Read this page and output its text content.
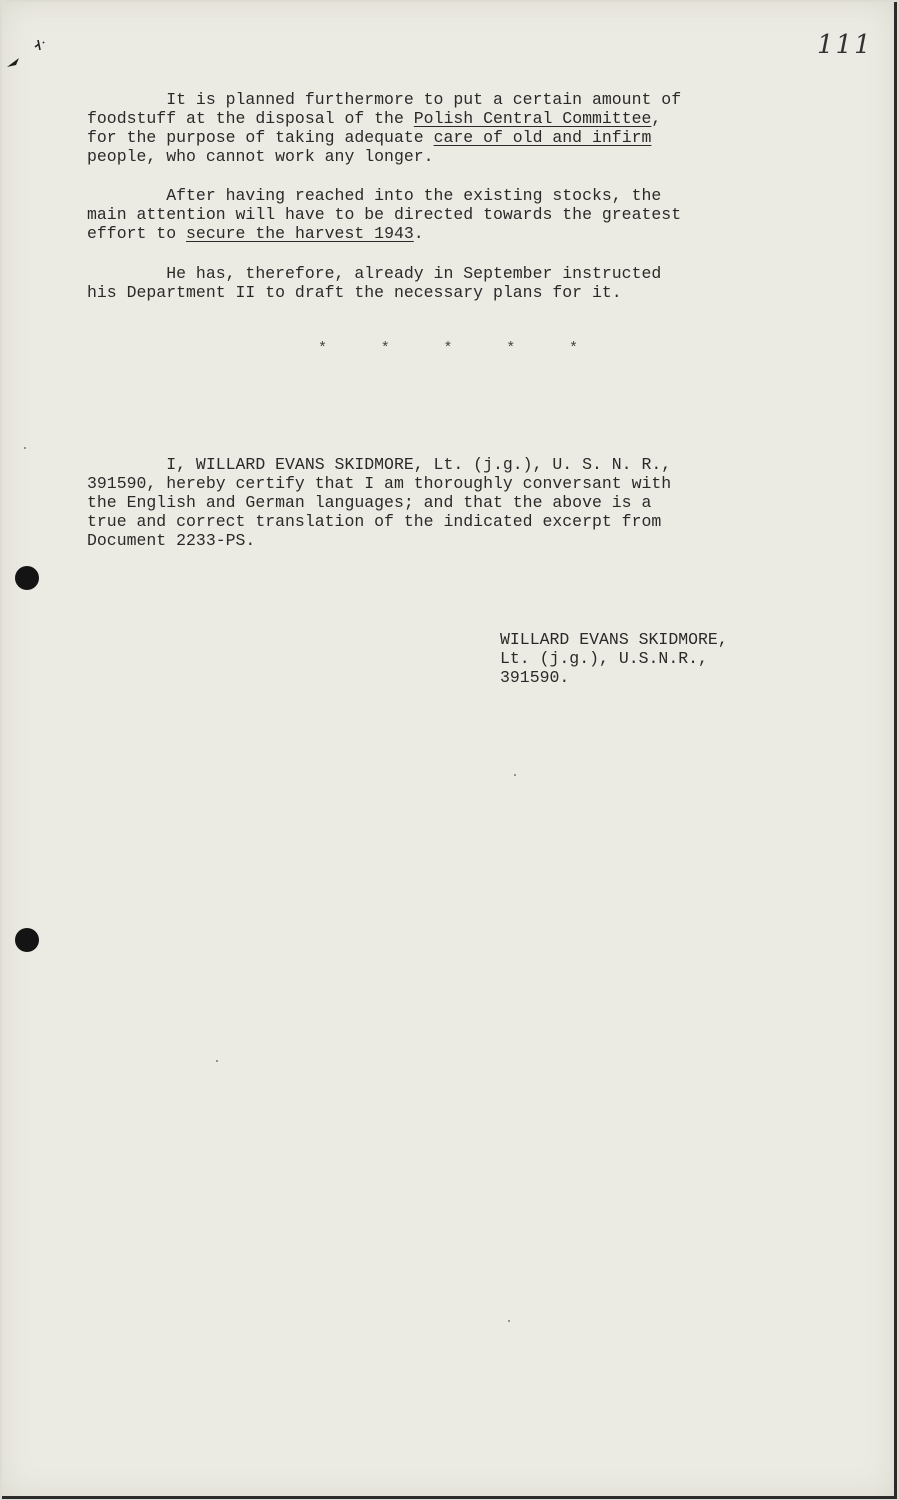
111
It is planned furthermore to put a certain amount of
foodstuff at the disposal of the Polish Central Committee,
for the purpose of taking adequate care of old and infirm
people, who cannot work any longer.
After having reached into the existing stocks, the
main attention will have to be directed towards the greatest
effort to secure the harvest 1943.
He has, therefore, already in September instructed
his Department II to draft the necessary plans for it.
*	*	*	*	*
I, WILLARD EVANS SKIDMORE, Lt. (j.g.), U. S. N. R.,
391590, hereby certify that I am thoroughly conversant with
the English and German languages; and that the above is a
true and correct translation of the indicated excerpt from
Document 2233-PS.
WILLARD EVANS SKIDMORE,
Lt. (j.g.), U.S.N.R.,
391590.
